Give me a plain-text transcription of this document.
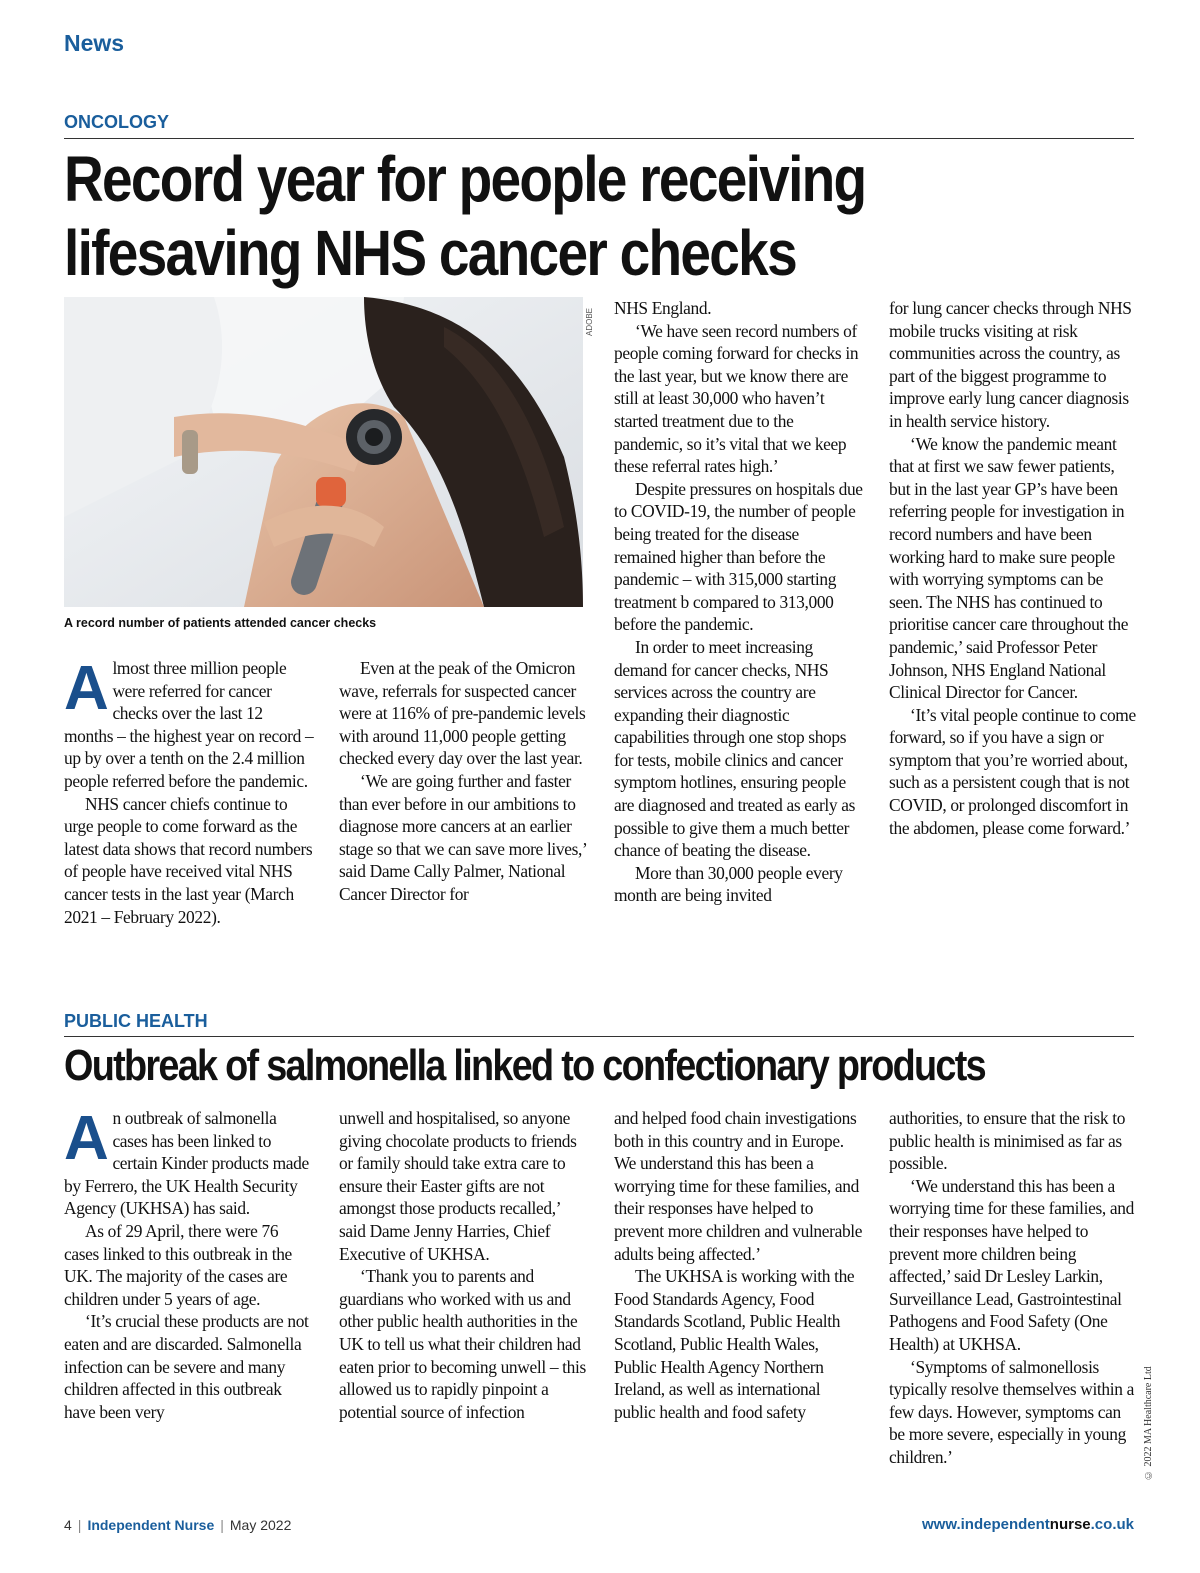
News
ONCOLOGY
Record year for people receiving lifesaving NHS cancer checks
ADOBE
A record number of patients attended cancer checks

Almost three million people were referred for cancer checks over the last 12 months – the highest year on record – up by over a tenth on the 2.4 million people referred before the pandemic.

NHS cancer chiefs continue to urge people to come forward as the latest data shows that record numbers of people have received vital NHS cancer tests in the last year (March 2021 – February 2022).

Even at the peak of the Omicron wave, referrals for suspected cancer were at 116% of pre-pandemic levels with around 11,000 people getting checked every day over the last year.

‘We are going further and faster than ever before in our ambitions to diagnose more cancers at an earlier stage so that we can save more lives,’ said Dame Cally Palmer, National Cancer Director for

NHS England.

‘We have seen record numbers of people coming forward for checks in the last year, but we know there are still at least 30,000 who haven’t started treatment due to the pandemic, so it’s vital that we keep these referral rates high.’

Despite pressures on hospitals due to COVID-19, the number of people being treated for the disease remained higher than before the pandemic – with 315,000 starting treatment b compared to 313,000 before the pandemic.

In order to meet increasing demand for cancer checks, NHS services across the country are expanding their diagnostic capabilities through one stop shops for tests, mobile clinics and cancer symptom hotlines, ensuring people are diagnosed and treated as early as possible to give them a much better chance of beating the disease.

More than 30,000 people every month are being invited

for lung cancer checks through NHS mobile trucks visiting at risk communities across the country, as part of the biggest programme to improve early lung cancer diagnosis in health service history.

‘We know the pandemic meant that at first we saw fewer patients, but in the last year GP’s have been referring people for investigation in record numbers and have been working hard to make sure people with worrying symptoms can be seen. The NHS has continued to prioritise cancer care throughout the pandemic,’ said Professor Peter Johnson, NHS England National Clinical Director for Cancer.

‘It’s vital people continue to come forward, so if you have a sign or symptom that you’re worried about, such as a persistent cough that is not COVID, or prolonged discomfort in the abdomen, please come forward.’

PUBLIC HEALTH
Outbreak of salmonella linked to confectionary products

An outbreak of salmonella cases has been linked to certain Kinder products made by Ferrero, the UK Health Security Agency (UKHSA) has said.

As of 29 April, there were 76 cases linked to this outbreak in the UK. The majority of the cases are children under 5 years of age.

‘It’s crucial these products are not eaten and are discarded. Salmonella infection can be severe and many children affected in this outbreak have been very

unwell and hospitalised, so anyone giving chocolate products to friends or family should take extra care to ensure their Easter gifts are not amongst those products recalled,’ said Dame Jenny Harries, Chief Executive of UKHSA.

‘Thank you to parents and guardians who worked with us and other public health authorities in the UK to tell us what their children had eaten prior to becoming unwell – this allowed us to rapidly pinpoint a potential source of infection

and helped food chain investigations both in this country and in Europe. We understand this has been a worrying time for these families, and their responses have helped to prevent more children and vulnerable adults being affected.’

The UKHSA is working with the Food Standards Agency, Food Standards Scotland, Public Health Scotland, Public Health Wales, Public Health Agency Northern Ireland, as well as international public health and food safety

authorities, to ensure that the risk to public health is minimised as far as possible.

‘We understand this has been a worrying time for these families, and their responses have helped to prevent more children being affected,’ said Dr Lesley Larkin, Surveillance Lead, Gastrointestinal Pathogens and Food Safety (One Health) at UKHSA.

‘Symptoms of salmonellosis typically resolve themselves within a few days. However, symptoms can be more severe, especially in young children.’	© 2022 MA Healthcare Ltd
4 | Independent Nurse | May 2022	www.independentnurse.co.uk
